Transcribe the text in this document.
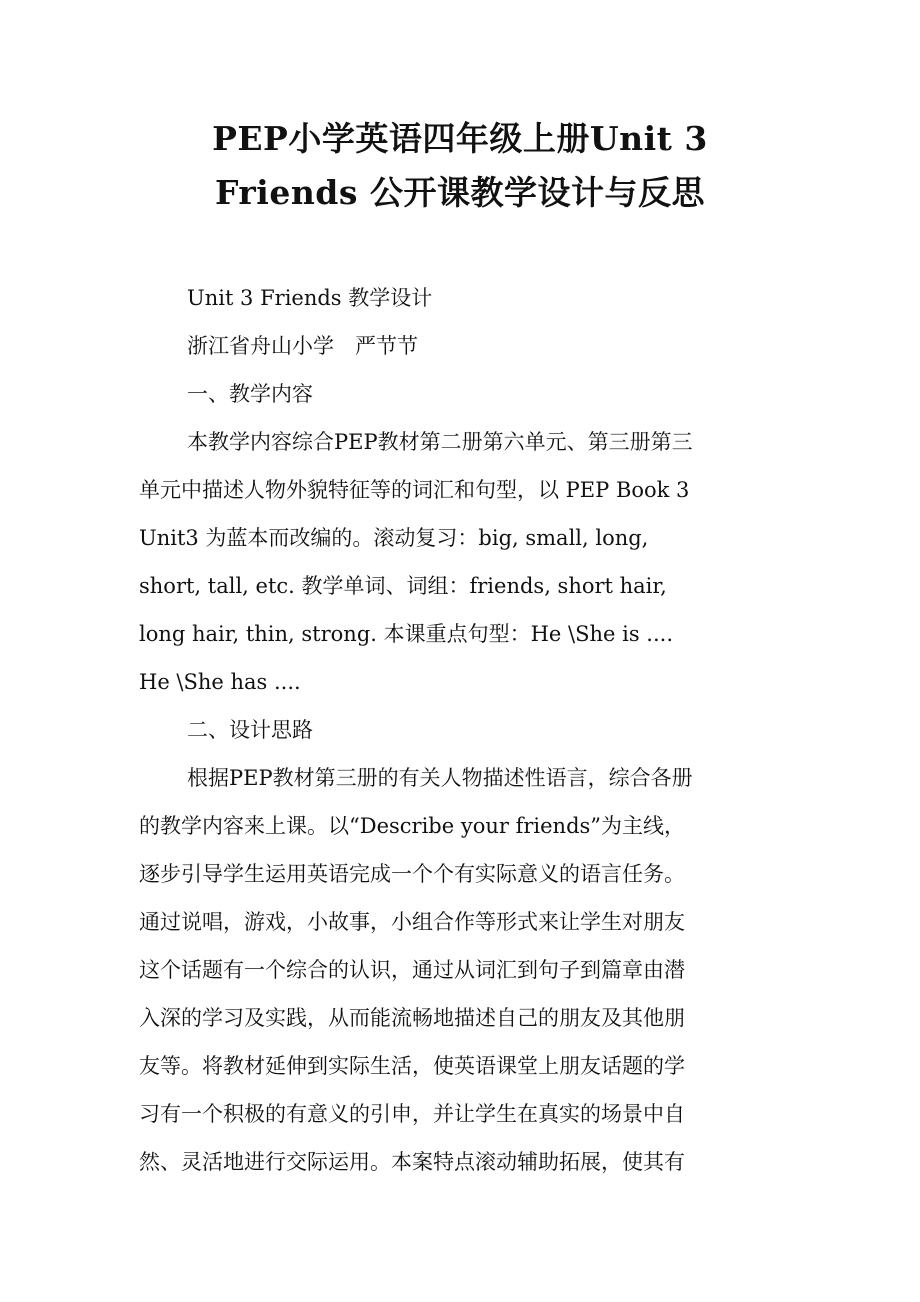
PEP小学英语四年级上册Unit 3
Friends 公开课教学设计与反思

Unit 3 Friends 教学设计

浙江省舟山小学　严节节

一、教学内容

本教学内容综合PEP教材第二册第六单元、第三册第三

单元中描述人物外貌特征等的词汇和句型，以 PEP Book 3

Unit3 为蓝本而改编的。滚动复习：big, small, long,

short, tall, etc. 教学单词、词组：friends, short hair,

long hair, thin, strong. 本课重点句型：He \She is ....

He \She has ....

二、设计思路

根据PEP教材第三册的有关人物描述性语言，综合各册

的教学内容来上课。以“Describe your friends”为主线，

逐步引导学生运用英语完成一个个有实际意义的语言任务。

通过说唱，游戏，小故事，小组合作等形式来让学生对朋友

这个话题有一个综合的认识，通过从词汇到句子到篇章由潜

入深的学习及实践，从而能流畅地描述自己的朋友及其他朋

友等。将教材延伸到实际生活，使英语课堂上朋友话题的学

习有一个积极的有意义的引申，并让学生在真实的场景中自

然、灵活地进行交际运用。本案特点滚动辅助拓展，使其有
